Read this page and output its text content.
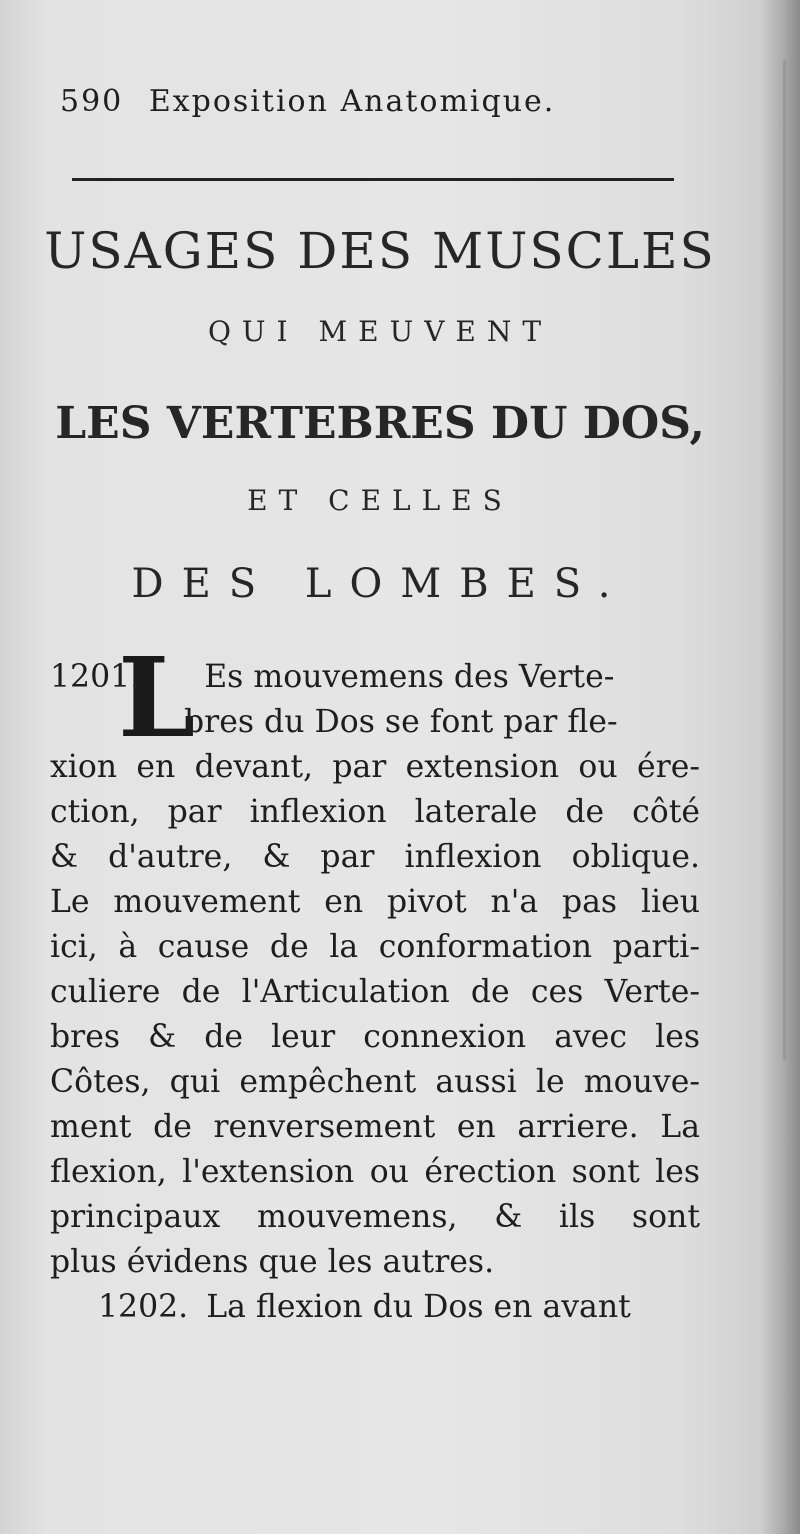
590 Exposition Anatomique.
USAGES DES MUSCLES
QUI MEUVENT
LES VERTEBRES DU DOS,
ET CELLES
DES LOMBES.
L
1201. Es mouvemens des Verte-
bres du Dos se font par fle-
xion en devant, par extension ou ére-
ction, par inflexion laterale de côté
& d'autre, & par inflexion oblique.
Le mouvement en pivot n'a pas lieu
ici, à cause de la conformation parti-
culiere de l'Articulation de ces Verte-
bres & de leur connexion avec les
Côtes, qui empêchent aussi le mouve-
ment de renversement en arriere. La
flexion, l'extension ou érection sont les
principaux mouvemens, & ils sont
plus évidens que les autres.
1202. La flexion du Dos en avant
